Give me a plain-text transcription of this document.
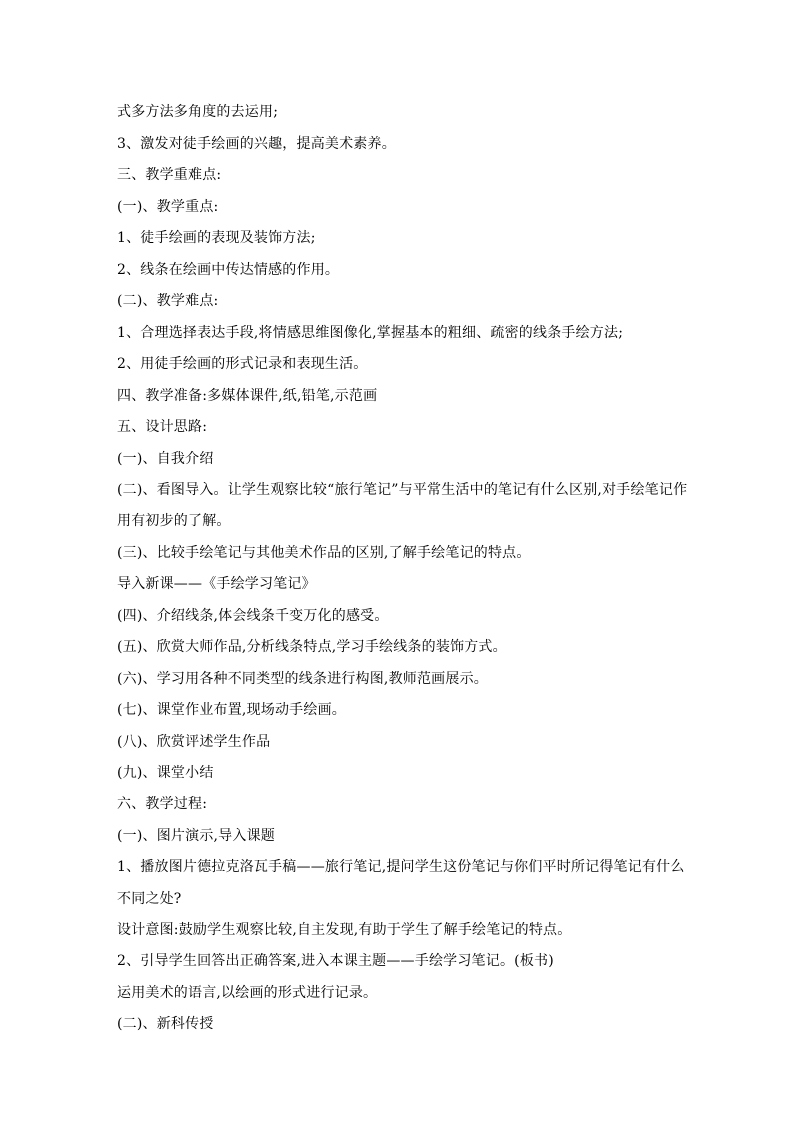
式多方法多角度的去运用;
3、激发对徒手绘画的兴趣，提高美术素养。
三、教学重难点:
(一)、教学重点:
1、徒手绘画的表现及装饰方法;
2、线条在绘画中传达情感的作用。
(二)、教学难点:
1、合理选择表达手段,将情感思维图像化,掌握基本的粗细、疏密的线条手绘方法;
2、用徒手绘画的形式记录和表现生活。
四、教学准备:多媒体课件,纸,铅笔,示范画
五、设计思路:
(一)、自我介绍
(二)、看图导入。让学生观察比较“旅行笔记”与平常生活中的笔记有什么区别,对手绘笔记作
用有初步的了解。
(三)、比较手绘笔记与其他美术作品的区别,了解手绘笔记的特点。
导入新课——《手绘学习笔记》
(四)、介绍线条,体会线条千变万化的感受。
(五)、欣赏大师作品,分析线条特点,学习手绘线条的装饰方式。
(六)、学习用各种不同类型的线条进行构图,教师范画展示。
(七)、课堂作业布置,现场动手绘画。
(八)、欣赏评述学生作品
(九)、课堂小结
六、教学过程:
(一)、图片演示,导入课题
1、播放图片德拉克洛瓦手稿——旅行笔记,提问学生这份笔记与你们平时所记得笔记有什么
不同之处?
设计意图:鼓励学生观察比较,自主发现,有助于学生了解手绘笔记的特点。
2、引导学生回答出正确答案,进入本课主题——手绘学习笔记。(板书)
运用美术的语言,以绘画的形式进行记录。
(二)、新科传授
